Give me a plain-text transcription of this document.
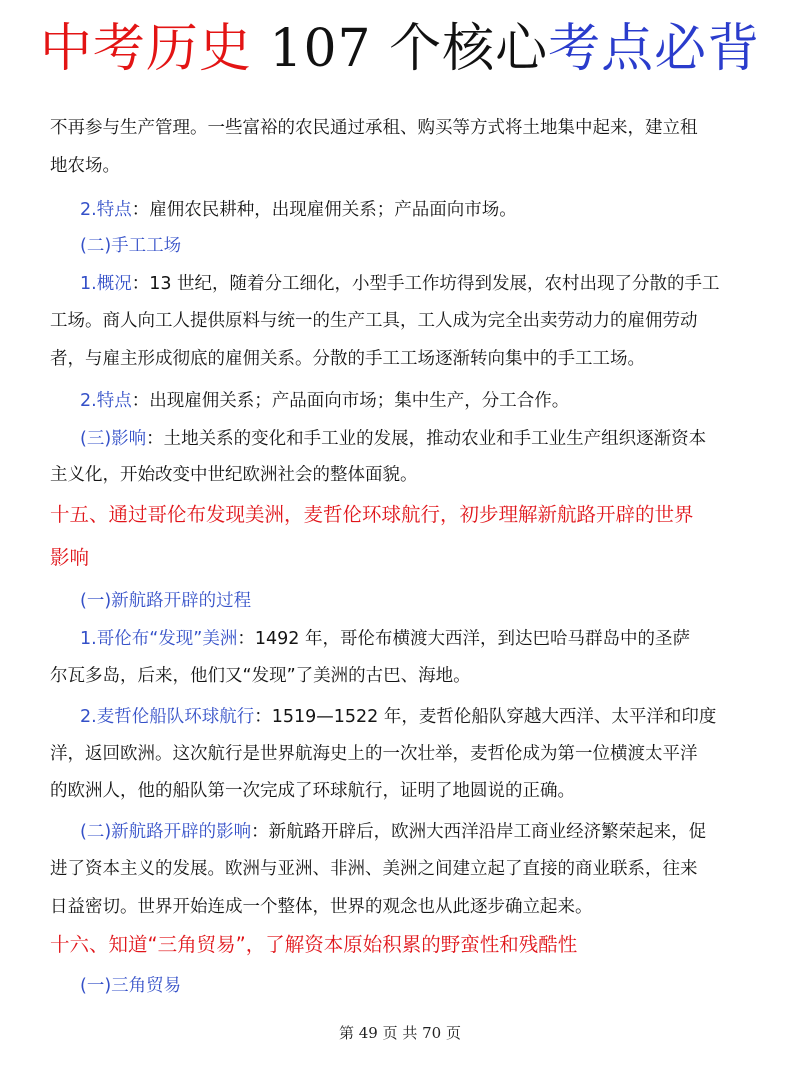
中考历史 107 个核心考点必背
不再参与生产管理。一些富裕的农民通过承租、购买等方式将土地集中起来，建立租
地农场。
2.特点：雇佣农民耕种，出现雇佣关系；产品面向市场。
(二)手工工场
1.概况：13 世纪，随着分工细化，小型手工作坊得到发展，农村出现了分散的手工
工场。商人向工人提供原料与统一的生产工具，工人成为完全出卖劳动力的雇佣劳动
者，与雇主形成彻底的雇佣关系。分散的手工工场逐渐转向集中的手工工场。
2.特点：出现雇佣关系；产品面向市场；集中生产，分工合作。
(三)影响：土地关系的变化和手工业的发展，推动农业和手工业生产组织逐渐资本
主义化，开始改变中世纪欧洲社会的整体面貌。
十五、通过哥伦布发现美洲，麦哲伦环球航行，初步理解新航路开辟的世界
影响
(一)新航路开辟的过程
1.哥伦布“发现”美洲：1492 年，哥伦布横渡大西洋，到达巴哈马群岛中的圣萨
尔瓦多岛，后来，他们又“发现”了美洲的古巴、海地。
2.麦哲伦船队环球航行：1519—1522 年，麦哲伦船队穿越大西洋、太平洋和印度
洋，返回欧洲。这次航行是世界航海史上的一次壮举，麦哲伦成为第一位横渡太平洋
的欧洲人，他的船队第一次完成了环球航行，证明了地圆说的正确。
(二)新航路开辟的影响：新航路开辟后，欧洲大西洋沿岸工商业经济繁荣起来，促
进了资本主义的发展。欧洲与亚洲、非洲、美洲之间建立起了直接的商业联系，往来
日益密切。世界开始连成一个整体，世界的观念也从此逐步确立起来。
十六、知道“三角贸易”，了解资本原始积累的野蛮性和残酷性
(一)三角贸易
第 49 页 共 70 页
